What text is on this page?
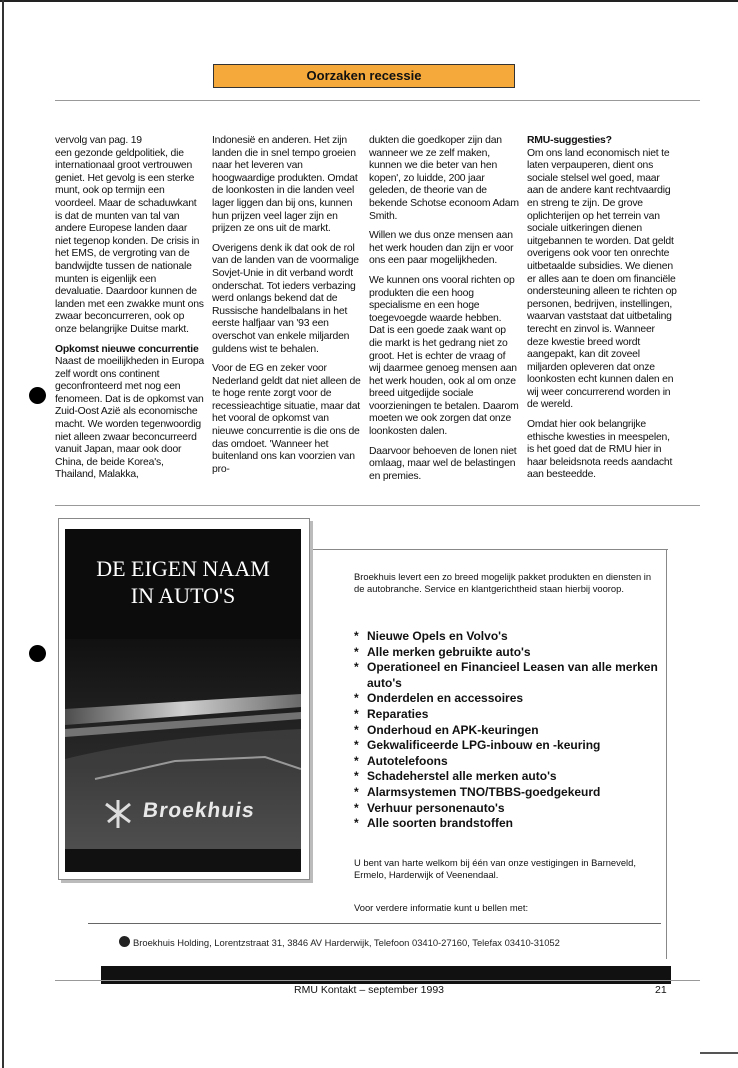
Oorzaken recessie

vervolg van pag. 19

een gezonde geldpolitiek, die internationaal groot vertrouwen geniet. Het gevolg is een sterke munt, ook op termijn een voordeel. Maar de schaduwkant is dat de munten van tal van andere Europese landen daar niet tegenop konden. De crisis in het EMS, de vergroting van de bandwijdte tussen de nationale munten is eigenlijk een devaluatie. Daardoor kunnen de landen met een zwakke munt ons zwaar beconcurreren, ook op onze belangrijke Duitse markt.

Opkomst nieuwe concurrentie

Naast de moeilijkheden in Europa zelf wordt ons continent geconfronteerd met nog een fenomeen. Dat is de opkomst van Zuid-Oost Azië als economische macht. We worden tegenwoordig niet alleen zwaar beconcurreerd vanuit Japan, maar ook door China, de beide Korea's, Thailand, Malakka,

Indonesië en anderen. Het zijn landen die in snel tempo groeien naar het leveren van hoogwaardige produkten. Omdat de loonkosten in die landen veel lager liggen dan bij ons, kunnen hun prijzen veel lager zijn en prijzen ze ons uit de markt.

Overigens denk ik dat ook de rol van de landen van de voormalige Sovjet-Unie in dit verband wordt onderschat. Tot ieders verbazing werd onlangs bekend dat de Russische handelbalans in het eerste halfjaar van '93 een overschot van enkele miljarden guldens wist te behalen.

Voor de EG en zeker voor Nederland geldt dat niet alleen de te hoge rente zorgt voor de recessieachtige situatie, maar dat het vooral de opkomst van nieuwe concurrentie is die ons de das omdoet. 'Wanneer het buitenland ons kan voorzien van pro-

dukten die goedkoper zijn dan wanneer we ze zelf maken, kunnen we die beter van hen kopen', zo luidde, 200 jaar geleden, de theorie van de bekende Schotse econoom Adam Smith.

Willen we dus onze mensen aan het werk houden dan zijn er voor ons een paar mogelijkheden.

We kunnen ons vooral richten op produkten die een hoog specialisme en een hoge toegevoegde waarde hebben. Dat is een goede zaak want op die markt is het gedrang niet zo groot. Het is echter de vraag of wij daarmee genoeg mensen aan het werk houden, ook al om onze breed uitgedijde sociale voorzieningen te betalen. Daarom moeten we ook zorgen dat onze loonkosten dalen.

Daarvoor behoeven de lonen niet omlaag, maar wel de belastingen en premies.

RMU-suggesties?

Om ons land economisch niet te laten verpauperen, dient ons sociale stelsel wel goed, maar aan de andere kant rechtvaardig en streng te zijn. De grove oplichterijen op het terrein van sociale uitkeringen dienen uitgebannen te worden. Dat geldt overigens ook voor ten onrechte uitbetaalde subsidies. We dienen er alles aan te doen om financiële ondersteuning alleen te richten op personen, bedrijven, instellingen, waarvan vaststaat dat uitbetaling terecht en zinvol is. Wanneer deze kwestie breed wordt aangepakt, kan dit zoveel miljarden opleveren dat onze loonkosten echt kunnen dalen en wij weer concurrerend worden in de wereld.

Omdat hier ook belangrijke ethische kwesties in meespelen, is het goed dat de RMU hier in haar beleidsnota reeds aandacht aan besteedde.

DE EIGEN NAAM
IN AUTO'S
Broekhuis
Broekhuis levert een zo breed mogelijk pakket produkten en diensten in de autobranche. Service en klantgerichtheid staan hierbij voorop.
* Nieuwe Opels en Volvo's
* Alle merken gebruikte auto's
* Operationeel en Financieel Leasen van alle merken auto's
* Onderdelen en accessoires
* Reparaties
* Onderhoud en APK-keuringen
* Gekwalificeerde LPG-inbouw en -keuring
* Autotelefoons
* Schadeherstel alle merken auto's
* Alarmsystemen TNO/TBBS-goedgekeurd
* Verhuur personenauto's
* Alle soorten brandstoffen
U bent van harte welkom bij één van onze vestigingen in Barneveld, Ermelo, Harderwijk of Veenendaal.
Voor verdere informatie kunt u bellen met:
Broekhuis Holding, Lorentzstraat 31, 3846 AV Harderwijk, Telefoon 03410-27160, Telefax 03410-31052
RMU Kontakt – september 1993	21
